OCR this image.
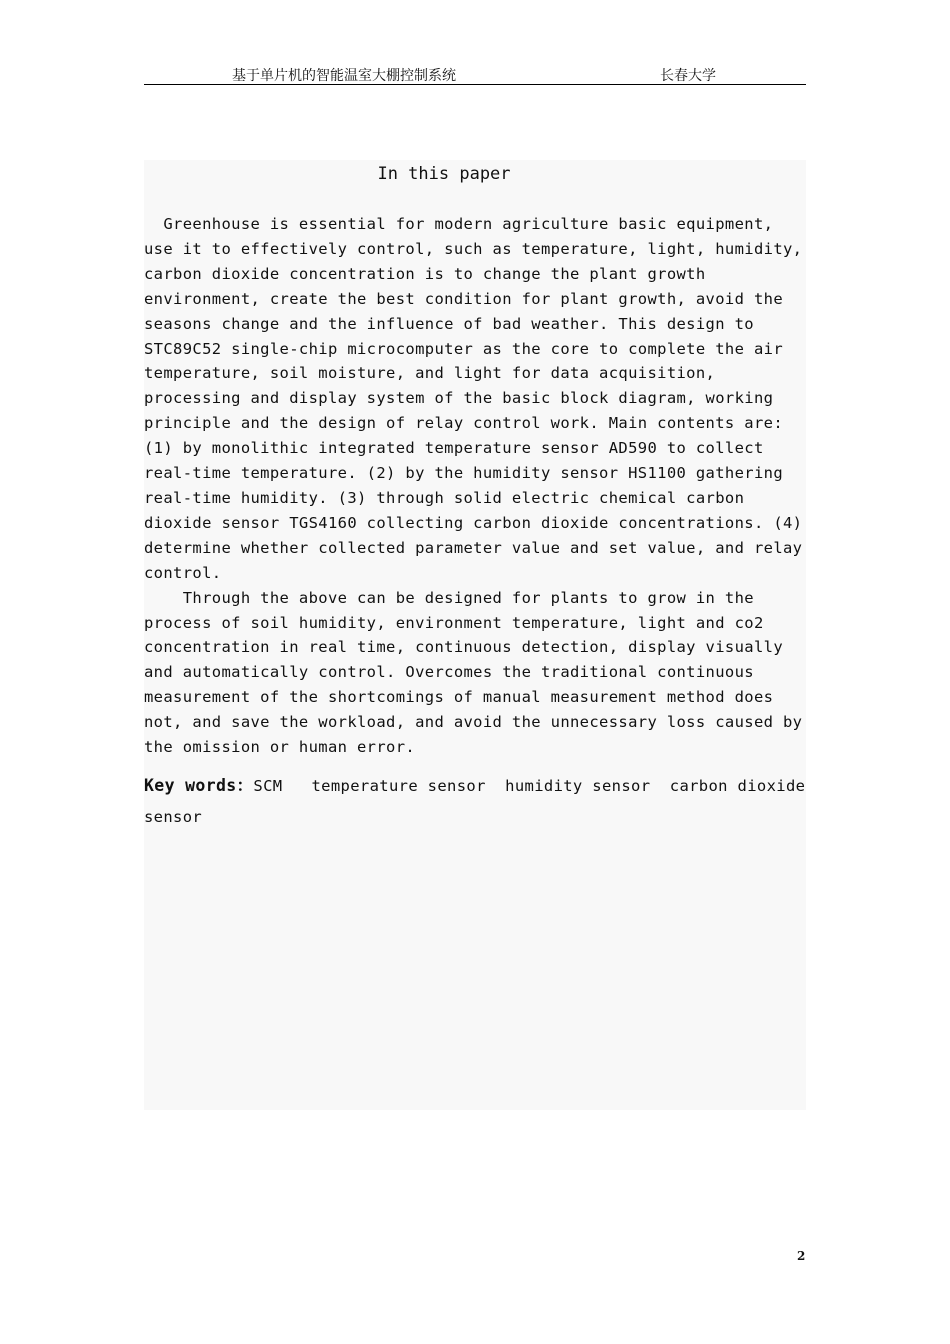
基于单片机的智能温室大棚控制系统	长春大学
In this paper
Greenhouse is essential for modern agriculture basic equipment,
use it to effectively control, such as temperature, light, humidity,
carbon dioxide concentration is to change the plant growth
environment, create the best condition for plant growth, avoid the
seasons change and the influence of bad weather. This design to
STC89C52 single-chip microcomputer as the core to complete the air
temperature, soil moisture, and light for data acquisition,
processing and display system of the basic block diagram, working
principle and the design of relay control work. Main contents are:
(1) by monolithic integrated temperature sensor AD590 to collect
real-time temperature. (2) by the humidity sensor HS1100 gathering
real-time humidity. (3) through solid electric chemical carbon
dioxide sensor TGS4160 collecting carbon dioxide concentrations. (4)
determine whether collected parameter value and set value, and relay
control.
Through the above can be designed for plants to grow in the
process of soil humidity, environment temperature, light and co2
concentration in real time, continuous detection, display visually
and automatically control. Overcomes the traditional continuous
measurement of the shortcomings of manual measurement method does
not, and save the workload, and avoid the unnecessary loss caused by
the omission or human error.
Key words：SCM temperature sensor humidity sensor carbon dioxide sensor
2
